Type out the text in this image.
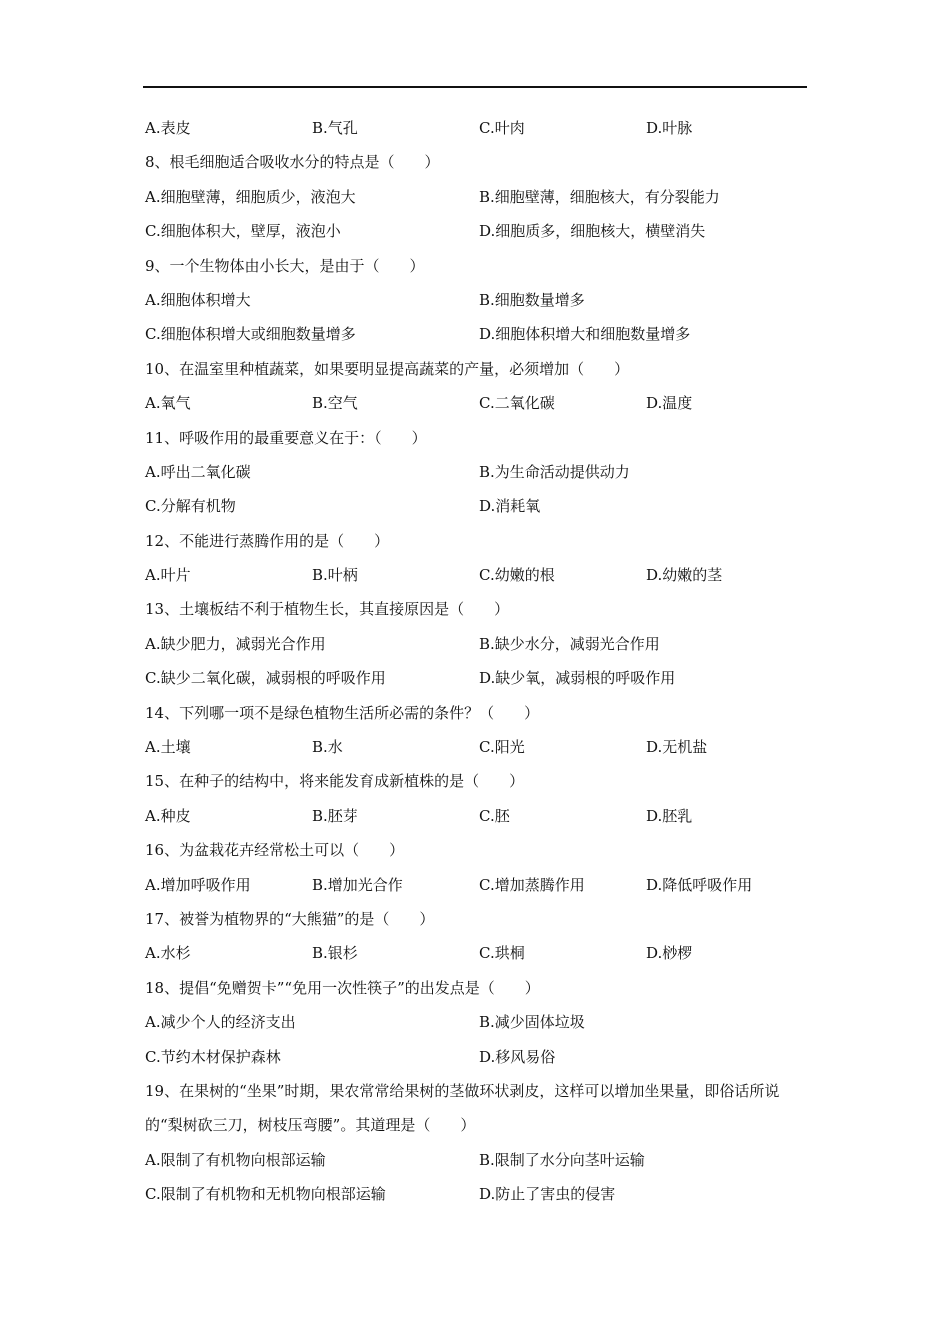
A.表皮	B.气孔	C.叶肉	D.叶脉
8、根毛细胞适合吸收水分的特点是（　　）
A.细胞壁薄，细胞质少，液泡大	B.细胞壁薄，细胞核大，有分裂能力
C.细胞体积大，壁厚，液泡小	D.细胞质多，细胞核大，横壁消失
9、一个生物体由小长大，是由于（　　）
A.细胞体积增大	B.细胞数量增多
C.细胞体积增大或细胞数量增多	D.细胞体积增大和细胞数量增多
10、在温室里种植蔬菜，如果要明显提高蔬菜的产量，必须增加（　　）
A.氧气	B.空气	C.二氧化碳	D.温度
11、呼吸作用的最重要意义在于：（　　）
A.呼出二氧化碳	B.为生命活动提供动力
C.分解有机物	D.消耗氧
12、不能进行蒸腾作用的是（　　）
A.叶片	B.叶柄	C.幼嫩的根	D.幼嫩的茎
13、土壤板结不利于植物生长，其直接原因是（　　）
A.缺少肥力，减弱光合作用	B.缺少水分，减弱光合作用
C.缺少二氧化碳，减弱根的呼吸作用	D.缺少氧，减弱根的呼吸作用
14、下列哪一项不是绿色植物生活所必需的条件？（　　）
A.土壤	B.水	C.阳光	D.无机盐
15、在种子的结构中，将来能发育成新植株的是（　　）
A.种皮	B.胚芽	C.胚	D.胚乳
16、为盆栽花卉经常松土可以（　　）
A.增加呼吸作用	B.增加光合作	C.增加蒸腾作用	D.降低呼吸作用
17、被誉为植物界的“大熊猫”的是（　　）
A.水杉	B.银杉	C.珙桐	D.桫椤
18、提倡“免赠贺卡”“免用一次性筷子”的出发点是（　　）
A.减少个人的经济支出	B.减少固体垃圾
C.节约木材保护森林	D.移风易俗
19、在果树的“坐果”时期，果农常常给果树的茎做环状剥皮，这样可以增加坐果量，即俗话所说的“梨树砍三刀，树枝压弯腰”。其道理是（　　）
A.限制了有机物向根部运输	B.限制了水分向茎叶运输
C.限制了有机物和无机物向根部运输	D.防止了害虫的侵害
